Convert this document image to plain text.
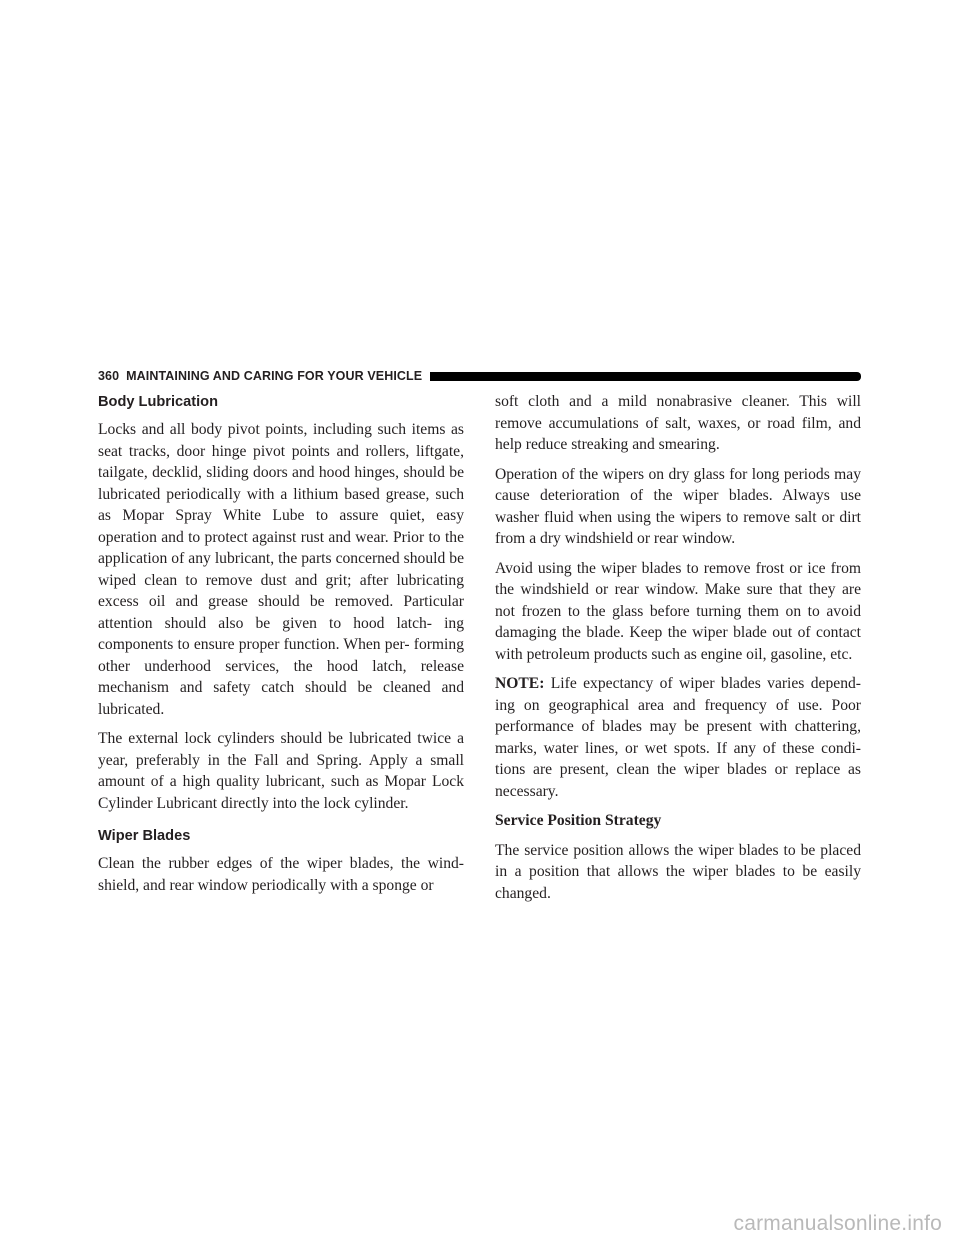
360 MAINTAINING AND CARING FOR YOUR VEHICLE
Body Lubrication

Locks and all body pivot points, including such items as seat tracks, door hinge pivot points and rollers, liftgate, tailgate, decklid, sliding doors and hood hinges, should be lubricated periodically with a lithium based grease, such as Mopar Spray White Lube to assure quiet, easy operation and to protect against rust and wear. Prior to the application of any lubricant, the parts concerned should be wiped clean to remove dust and grit; after lubricating excess oil and grease should be removed. Particular attention should also be given to hood latch- ing components to ensure proper function. When per- forming other underhood services, the hood latch, release mechanism and safety catch should be cleaned and lubricated.

The external lock cylinders should be lubricated twice a year, preferably in the Fall and Spring. Apply a small amount of a high quality lubricant, such as Mopar Lock Cylinder Lubricant directly into the lock cylinder.

Wiper Blades

Clean the rubber edges of the wiper blades, the wind- shield, and rear window periodically with a sponge or

soft cloth and a mild nonabrasive cleaner. This will remove accumulations of salt, waxes, or road film, and help reduce streaking and smearing.

Operation of the wipers on dry glass for long periods may cause deterioration of the wiper blades. Always use washer fluid when using the wipers to remove salt or dirt from a dry windshield or rear window.

Avoid using the wiper blades to remove frost or ice from the windshield or rear window. Make sure that they are not frozen to the glass before turning them on to avoid damaging the blade. Keep the wiper blade out of contact with petroleum products such as engine oil, gasoline, etc.

NOTE: Life expectancy of wiper blades varies depend- ing on geographical area and frequency of use. Poor performance of blades may be present with chattering, marks, water lines, or wet spots. If any of these condi- tions are present, clean the wiper blades or replace as necessary.

Service Position Strategy

The service position allows the wiper blades to be placed in a position that allows the wiper blades to be easily changed.

carmanualsonline.info
